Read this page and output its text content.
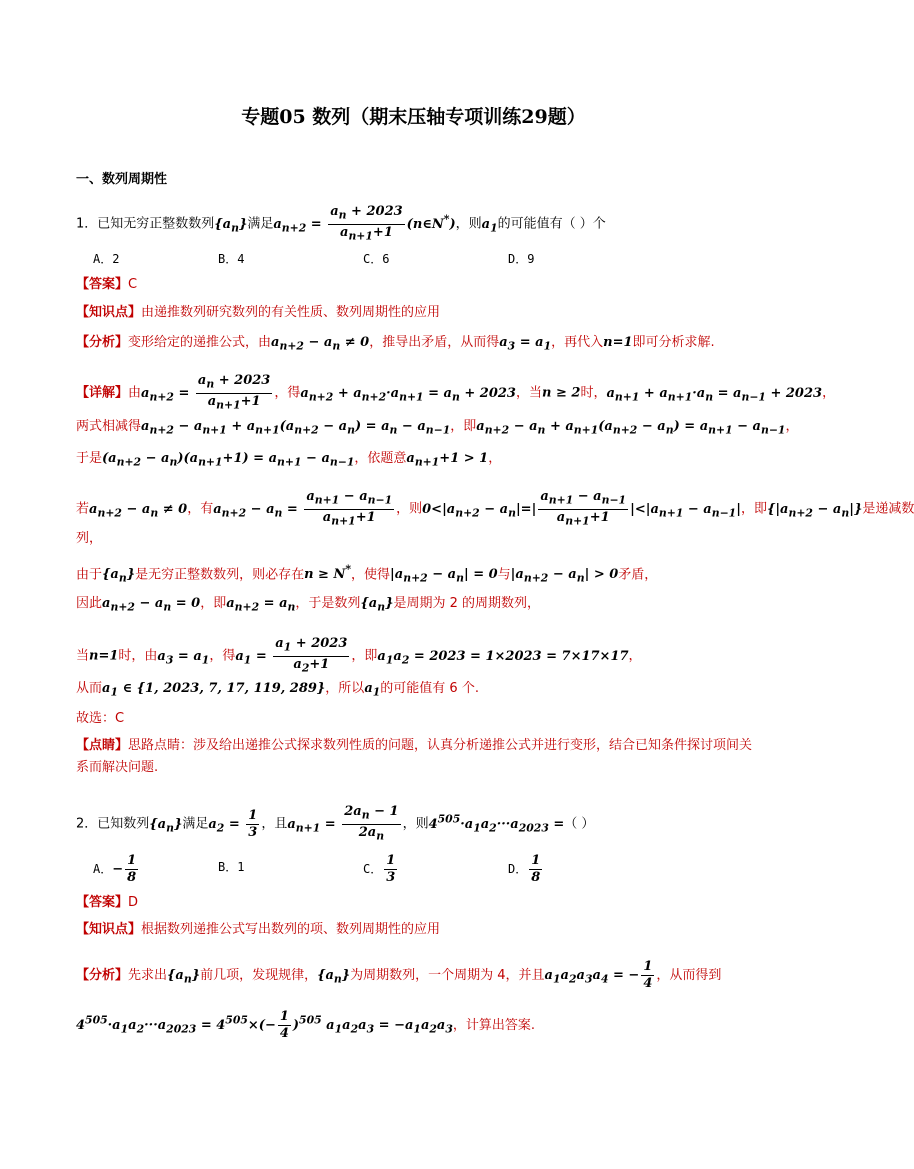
专题05 数列（期末压轴专项训练29题）
一、数列周期性
1．已知无穷正整数数列$\{a_n\}$满足$a_{n+2} = \frac{a_n + 2023}{a_{n+1}+1}$ (n∈N*)，则$a_1$的可能值有（ ）个
A．2	B．4	C．6	D．9
【答案】C
【知识点】由递推数列研究数列的有关性质、数列周期性的应用
【分析】变形给定的递推公式，由$a_{n+2} - a_n \ne 0$，推导出矛盾，从而得$a_3 = a_1$，再代入n=1即可分析求解.
【详解】由$a_{n+2} = \frac{a_n + 2023}{a_{n+1}+1}$ ，得$a_{n+2} + a_{n+2}\cdot a_{n+1} = a_n + 2023$，当n ≥ 2时，$a_{n+1} + a_{n+1}\cdot a_n = a_{n-1} + 2023$，
两式相减得$a_{n+2} - a_{n+1} + a_{n+1}(a_{n+2} - a_n) = a_n - a_{n-1}$，即$a_{n+2} - a_n + a_{n+1}(a_{n+2} - a_n) = a_{n+1} - a_{n-1}$，
于是$(a_{n+2} - a_n)(a_{n+1}+1) = a_{n+1} - a_{n-1}$，依题意$a_{n+1}+1 > 1$，
若$a_{n+2} - a_n \ne 0$，有$a_{n+2} - a_n = \frac{a_{n+1} - a_{n-1}}{a_{n+1}+1}$ ，则$0<|a_{n+2} - a_n|=| \frac{a_{n+1} - a_{n-1}}{a_{n+1}+1} |<|a_{n+1} - a_{n-1}|$，即$\{|a_{n+2} - a_n|\}$是递减数
列，
由于$\{a_n\}$是无穷正整数数列，则必存在n ≥ N*，使得$|a_{n+2} - a_n| = 0$与$|a_{n+2} - a_n| > 0$矛盾，
因此$a_{n+2} - a_n = 0$，即$a_{n+2} = a_n$，于是数列$\{a_n\}$是周期为 2 的周期数列，
当n=1时，由$a_3 = a_1$，得$a_1 = \frac{a_1 + 2023}{a_2+1}$ ，即$a_1a_2 = 2023 = 1\times 2023 = 7\times 17\times 17$，
从而$a_1$ ∈ {1, 2023, 7, 17, 119, 289}，所以$a_1$的可能值有 6 个.
故选：C
【点睛】思路点睛：涉及给出递推公式探求数列性质的问题，认真分析递推公式并进行变形，结合已知条件探讨项间关系而解决问题.
2．已知数列$\{a_n\}$满足$a_2 = \frac{1}{3}$ ，且$a_{n+1} = \frac{2a_n - 1}{2a_n}$ ，则$4^{505}\cdot a_1a_2\cdot\cdot\cdot a_{2023}$ =（ ）
A．− $\frac{1}{8}$	B．1	C． $\frac{1}{3}$	D． $\frac{1}{8}$
【答案】D
【知识点】根据数列递推公式写出数列的项、数列周期性的应用
【分析】先求出$\{a_n\}$前几项，发现规律，$\{a_n\}$为周期数列，一个周期为 4，并且$a_1a_2a_3a_4$ = − $\frac{1}{4}$ ，从而得到
$4^{505}\cdot a_1a_2\cdot\cdot\cdot a_{2023} = 4^{505}\times(- \frac{1}{4} )^{505}$ $a_1a_2a_3 = -a_1a_2a_3$，计算出答案.
